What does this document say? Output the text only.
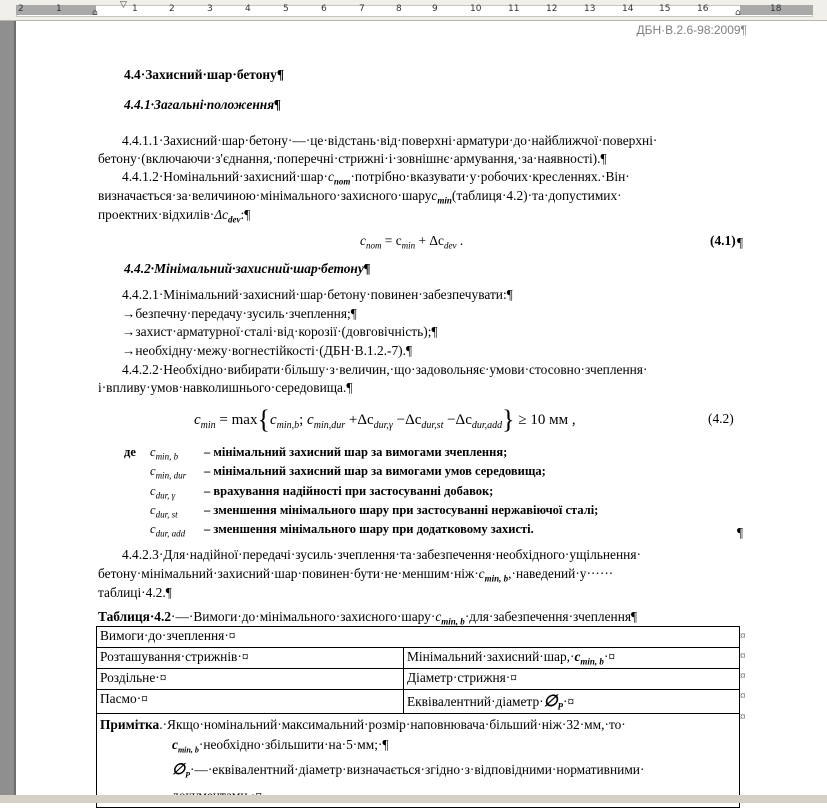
2	1	1	2	3	4	5	6	7	8	9	10	11	12	13	14	15	16	18
⌂
▽
⌂
ДБН·В.2.6-98:2009¶
4.4·Захисний·шар·бетону¶
4.4.1·Загальні·положення¶
4.4.1.1·Захисний·шар·бетону·—·це·відстань·від·поверхні·арматури·до·найближчої·поверхні·
бетону·(включаючи·з'єднання,·поперечні·стрижні·і·зовнішнє·армування,·за·наявності).¶
$4.4.1.2\cdot Номінальний\cdot захисний\cdot шар\cdot c_{nom}\cdot потрібно\cdot вказувати\cdot у\cdot робочих\cdot кресленнях.\cdot Він\cdot$
визначається·за·величиною·мінімального·захисного·шаруc$_{min}$(таблиця·4.2)·та·допустимих·
$проектних\cdot відхилів\cdot\Delta c_{dev}:\P$
$c_{nom} = c_{min} + \Delta c_{dev}$ .	(4.1) ¶
4.4.2·Мінімальний·захисний·шар·бетону¶
4.4.2.1·Мінімальний·захисний·шар·бетону·повинен·забезпечувати:¶
→безпечну·передачу·зусиль·зчеплення;¶
→захист·арматурної·сталі·від·корозії·(довговічність);¶
→необхідну·межу·вогнестійкості·(ДБН·В.1.2.-7).¶
4.4.2.2·Необхідно·вибирати·більшу·з·величин,·що·задовольняє·умови·стосовно·зчеплення·
і·впливу·умов·навколишнього·середовища.¶
$c_{min} = \max\{c_{min,b}$; $c_{min,dur} +\Delta c_{dur,\gamma} -\Delta c_{dur,st} -\Delta c_{dur,add}\} \ge 10$ мм ,	(4.2)
де $c_{min, b}$ – мінімальний захисний шар за вимогами зчеплення;
$c_{min, dur}$ – мінімальний захисний шар за вимогами умов середовища;
$c_{dur, \gamma}$ – врахування надійності при застосуванні добавок;
$c_{dur, st}$ – зменшення мінімального шару при застосуванні нержавіючої сталі;
$c_{dur, add}$ – зменшення мінімального шару при додатковому захисті.	¶
4.4.2.3·Для·надійної·передачі·зусиль·зчеплення·та·забезпечення·необхідного·ущільнення·
$бетону\cdot мінімальний\cdot захисний\cdot шар\cdot повинен\cdot бути\cdot не\cdot меншим\cdot ніж\cdot c_{min, b},\cdot наведений\cdot у\cdot\cdot\cdot\cdot\cdot\cdot$
таблиці·4.2.¶
$Таблиця\cdot 4.2\cdot—\cdot Вимоги\cdot до\cdot мінімального\cdot захисного\cdot шару\cdot c_{min, b}\cdot для\cdot забезпечення\cdot зчеплення\P$
Вимоги·до·зчеплення·¤	
Розташування·стрижнів·¤	$Мінімальний\cdot захисний\cdot шар,\cdot c_{min, b}\cdot¤$
Роздільне·¤	Діаметр·стрижня·¤
Пасмо·¤	$Еквівалентний\cdot діаметр\cdot\emptyset_P\cdot¤$

Примітка.·Якщо·номінальний·максимальний·розмір·наповнювача·більший·ніж·32·мм,·то·
$c_{min, b}\cdot необхідно\cdot збільшити\cdot на\cdot 5\cdot мм;\cdot\P$
$\emptyset_P\cdot—\cdot еквівалентний\cdot діаметр\cdot визначається\cdot згідно\cdot з\cdot відповідними\cdot нормативними\cdot$	
¤
¤
¤
¤
¤
